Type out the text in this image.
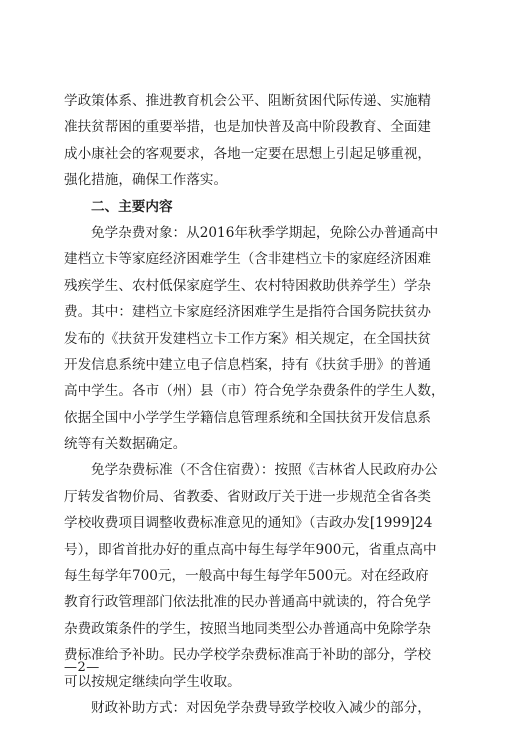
学政策体系、推进教育机会公平、阻断贫困代际传递、实施精
准扶贫帮困的重要举措，也是加快普及高中阶段教育、全面建
成小康社会的客观要求，各地一定要在思想上引起足够重视，
强化措施，确保工作落实。
二、主要内容
免学杂费对象：从2016年秋季学期起，免除公办普通高中
建档立卡等家庭经济困难学生（含非建档立卡的家庭经济困难
残疾学生、农村低保家庭学生、农村特困救助供养学生）学杂
费。其中：建档立卡家庭经济困难学生是指符合国务院扶贫办
发布的《扶贫开发建档立卡工作方案》相关规定，在全国扶贫
开发信息系统中建立电子信息档案，持有《扶贫手册》的普通
高中学生。各市（州）县（市）符合免学杂费条件的学生人数，
依据全国中小学学生学籍信息管理系统和全国扶贫开发信息系
统等有关数据确定。
免学杂费标准（不含住宿费）：按照《吉林省人民政府办公
厅转发省物价局、省教委、省财政厅关于进一步规范全省各类
学校收费项目调整收费标准意见的通知》（吉政办发[1999]24
号），即省首批办好的重点高中每生每学年900元，省重点高中
每生每学年700元，一般高中每生每学年500元。对在经政府
教育行政管理部门依法批准的民办普通高中就读的，符合免学
杂费政策条件的学生，按照当地同类型公办普通高中免除学杂
费标准给予补助。民办学校学杂费标准高于补助的部分，学校
可以按规定继续向学生收取。
财政补助方式：对因免学杂费导致学校收入减少的部分，
—2—
